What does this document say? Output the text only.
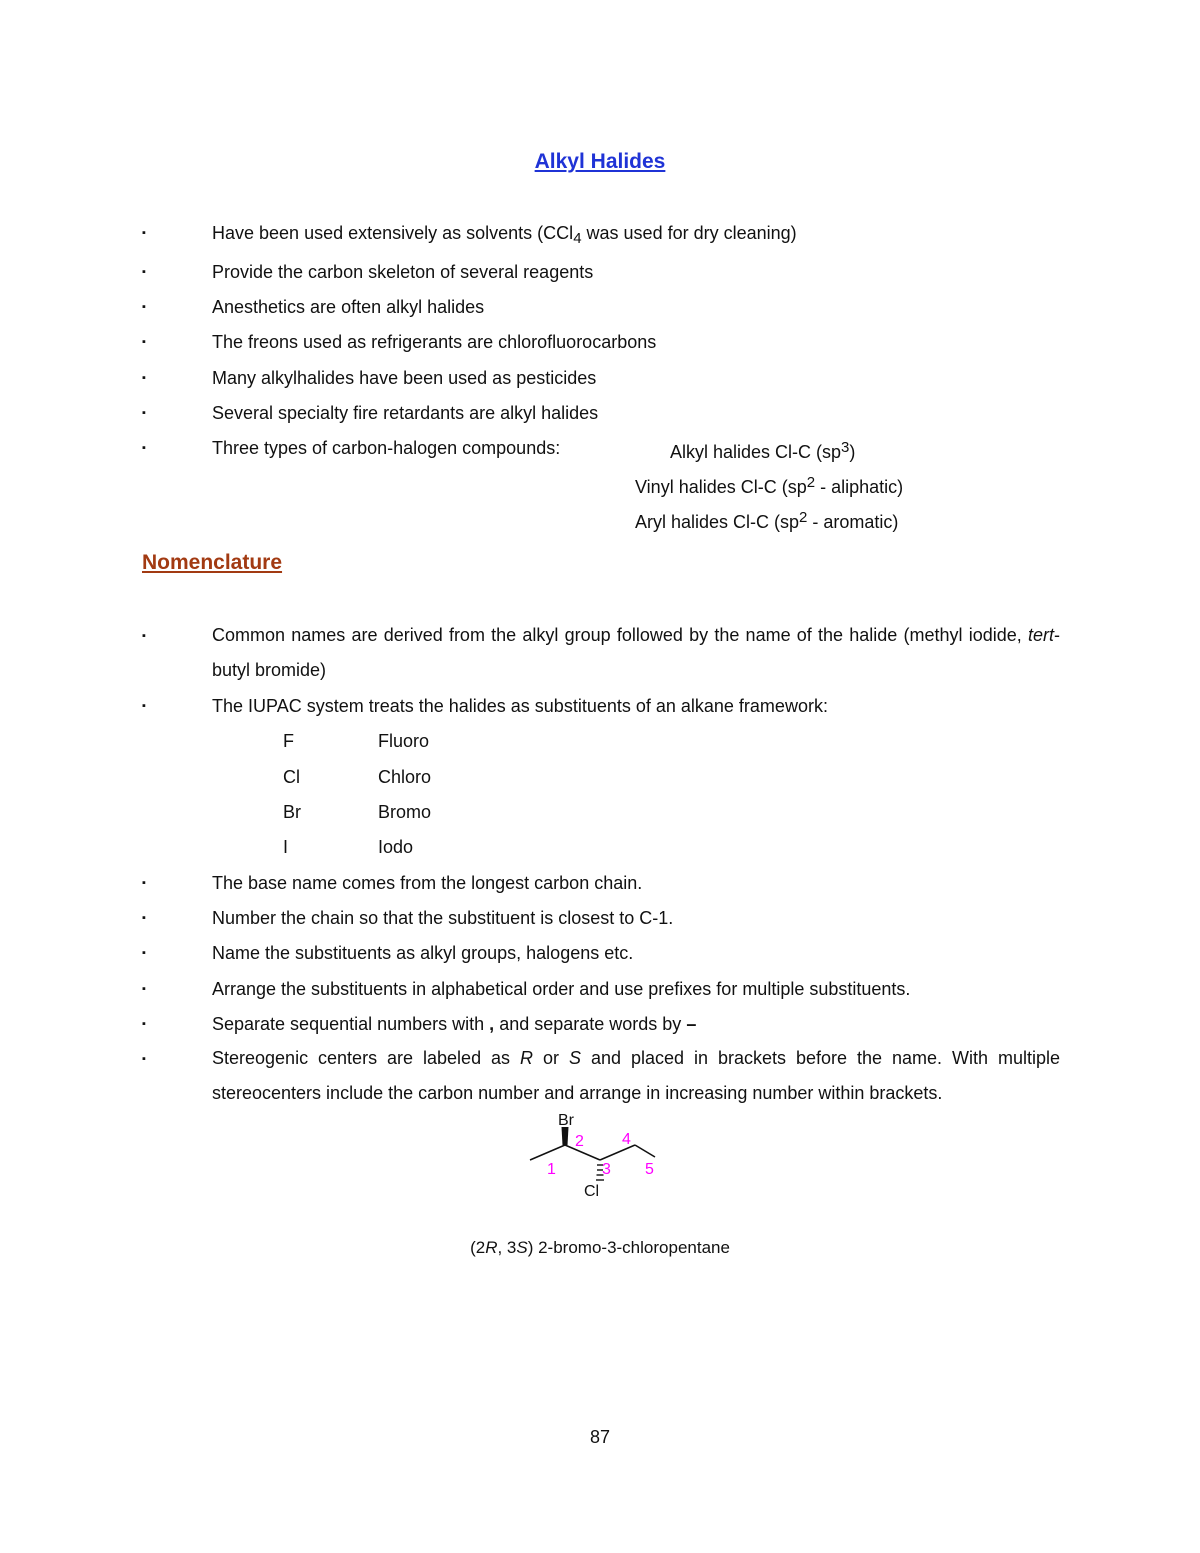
Alkyl Halides
▪	Have been used extensively as solvents (CCl$_4$ was used for dry cleaning)
▪	Provide the carbon skeleton of several reagents
▪	Anesthetics are often alkyl halides
▪	The freons used as refrigerants are chlorofluorocarbons
▪	Many alkylhalides have been used as pesticides
▪	Several specialty fire retardants are alkyl halides
▪	Three types of carbon-halogen compounds:	Alkyl halides Cl-C $(sp^3)$
Vinyl halides Cl-C ($sp^2$ - aliphatic)
Aryl halides Cl-C ($sp^2$ - aromatic)
Nomenclature
▪	Common names are derived from the alkyl group followed by the name of the halide (methyl iodide, tert-butyl bromide)
▪	The IUPAC system treats the halides as substituents of an alkane framework:
F	Fluoro
Cl	Chloro
Br	Bromo
I	Iodo
▪	The base name comes from the longest carbon chain.
▪	Number the chain so that the substituent is closest to C-1.
▪	Name the substituents as alkyl groups, halogens etc.
▪	Arrange the substituents in alphabetical order and use prefixes for multiple substituents.
▪	Separate sequential numbers with , and separate words by –
▪	Stereogenic centers are labeled as R or S and placed in brackets before the name. With multiple stereocenters include the carbon number and arrange in increasing number within brackets.
Br
Cl
1
2
3
4
5
(2R, 3S) 2-bromo-3-chloropentane
87
